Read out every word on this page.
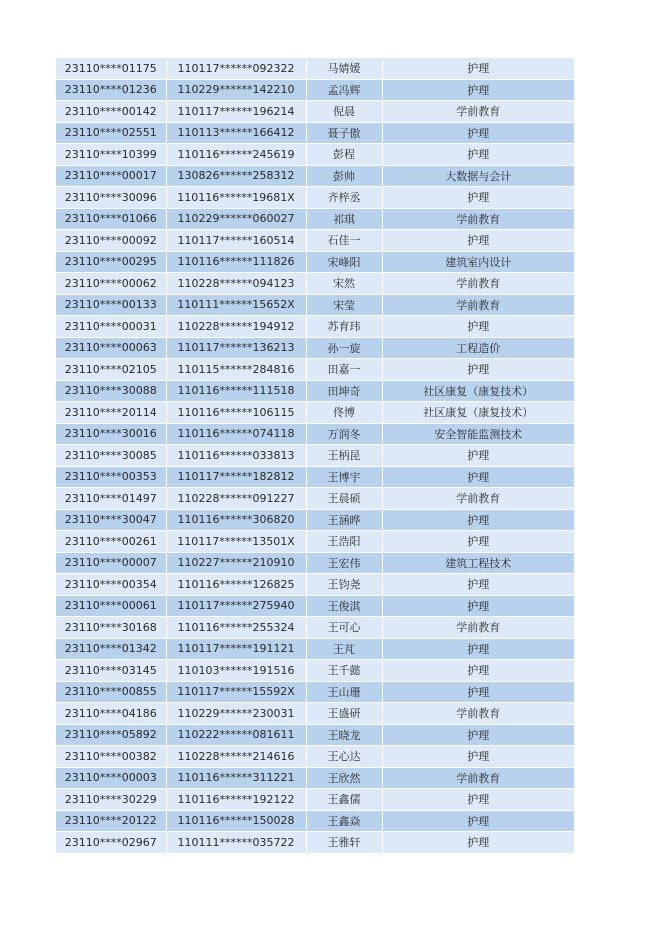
23110****01175	110117******092322	马婧媛	护理
23110****01236	110229******142210	孟冯辉	护理
23110****00142	110117******196214	倪晨	学前教育
23110****02551	110113******166412	聂子傲	护理
23110****10399	110116******245619	彭程	护理
23110****00017	130826******258312	彭帅	大数据与会计
23110****30096	110116******19681X	齐梓丞	护理
23110****01066	110229******060027	祁琪	学前教育
23110****00092	110117******160514	石佳一	护理
23110****00295	110116******111826	宋峰阳	建筑室内设计
23110****00062	110228******094123	宋然	学前教育
23110****00133	110111******15652X	宋莹	学前教育
23110****00031	110228******194912	苏育玮	护理
23110****00063	110117******136213	孙一旋	工程造价
23110****02105	110115******284816	田嘉一	护理
23110****30088	110116******111518	田坤奇	社区康复（康复技术）
23110****20114	110116******106115	佟博	社区康复（康复技术）
23110****30016	110116******074118	万润冬	安全智能监测技术
23110****30085	110116******033813	王柄昆	护理
23110****00353	110117******182812	王博宇	护理
23110****01497	110228******091227	王晨硕	学前教育
23110****30047	110116******306820	王涵晔	护理
23110****00261	110117******13501X	王浩阳	护理
23110****00007	110227******210910	王宏伟	建筑工程技术
23110****00354	110116******126825	王钧尧	护理
23110****00061	110117******275940	王俊淇	护理
23110****30168	110116******255324	王可心	学前教育
23110****01342	110117******191121	王芃	护理
23110****03145	110103******191516	王千懿	护理
23110****00855	110117******15592X	王山珊	护理
23110****04186	110229******230031	王盛研	学前教育
23110****05892	110222******081611	王晓龙	护理
23110****00382	110228******214616	王心达	护理
23110****00003	110116******311221	王欣然	学前教育
23110****30229	110116******192122	王鑫儒	护理
23110****20122	110116******150028	王鑫焱	护理
23110****02967	110111******035722	王雅轩	护理
